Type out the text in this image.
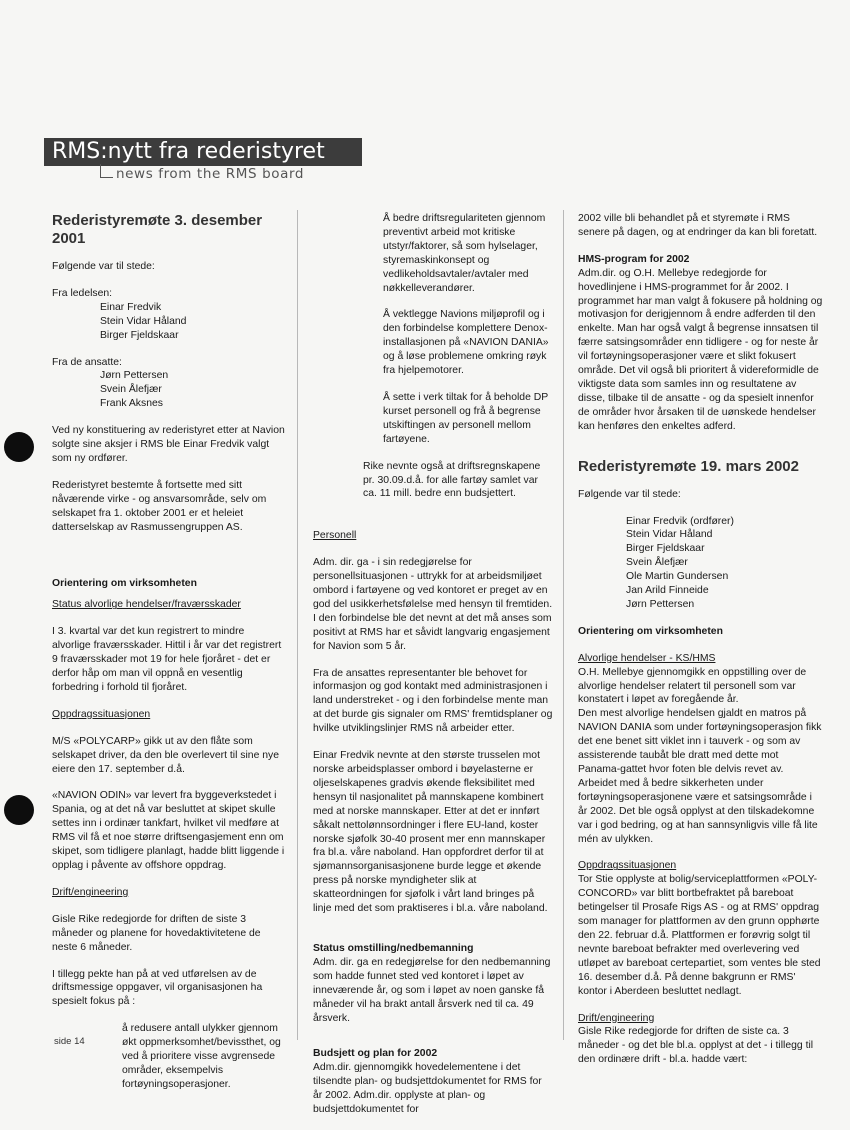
RMS:nytt fra rederistyret
news from the RMS board
Rederistyremøte 3. desember 2001

Følgende var til stede:

Fra ledelsen:

Einar Fredvik
Stein Vidar Håland
Birger Fjeldskaar

Fra de ansatte:

Jørn Pettersen
Svein Ålefjær
Frank Aksnes

Ved ny konstituering av rederistyret etter at Navion solgte sine aksjer i RMS ble Einar Fredvik valgt som ny ordfører.

Rederistyret bestemte å fortsette med sitt nåværende virke - og ansvarsområde, selv om selskapet fra 1. oktober 2001 er et heleiet datterselskap av Rasmussengruppen AS.

Orientering om virksomheten

Status alvorlige hendelser/fraværsskader

I 3. kvartal var det kun registrert to mindre alvorlige fraværsskader. Hittil i år var det registrert 9 fraværsskader mot 19 for hele fjoråret - det er derfor håp om man vil oppnå en vesentlig forbedring i forhold til fjoråret.

Oppdragssituasjonen

M/S «POLYCARP» gikk ut av den flåte som selskapet driver, da den ble overlevert til sine nye eiere den 17. september d.å.

«NAVION ODIN» var levert fra byggeverkstedet i Spania, og at det nå var besluttet at skipet skulle settes inn i ordinær tankfart, hvilket vil medføre at RMS vil få et noe større driftsengasjement enn om skipet, som tidligere planlagt, hadde blitt liggende i opplag i påvente av offshore oppdrag.

Drift/engineering

Gisle Rike redegjorde for driften de siste 3 måneder og planene for hovedaktivitetene de neste 6 måneder.

I tillegg pekte han på at ved utførelsen av de driftsmessige oppgaver, vil organisasjonen ha spesielt fokus på :

å redusere antall ulykker gjennom økt oppmerksomhet/bevissthet, og ved å prioritere visse avgrensede områder, eksempelvis fortøyningsoperasjoner.

Å bedre driftsregulariteten gjennom preventivt arbeid mot kritiske utstyr/faktorer, så som hylselager, styremaskinkonsept og vedlikeholdsavtaler/avtaler med nøkkelleverandører.

Å vektlegge Navions miljøprofil og i den forbindelse komplettere Denox-installasjonen på «NAVION DANIA» og å løse problemene omkring røyk fra hjelpemotorer.

Å sette i verk tiltak for å beholde DP kurset personell og frå å begrense utskiftingen av personell mellom fartøyene.

Rike nevnte også at driftsregnskapene pr. 30.09.d.å. for alle fartøy samlet var ca. 11 mill. bedre enn budsjettert.

Personell

Adm. dir. ga - i sin redegjørelse for personellsituasjonen - uttrykk for at arbeidsmiljøet ombord i fartøyene og ved kontoret er preget av en god del usikkerhetsfølelse med hensyn til fremtiden. I den forbindelse ble det nevnt at det må anses som positivt at RMS har et såvidt langvarig engasjement for Navion som 5 år.

Fra de ansattes representanter ble behovet for informasjon og god kontakt med administrasjonen i land understreket - og i den forbindelse mente man at det burde gis signaler om RMS' fremtidsplaner og hvilke utviklingslinjer RMS nå arbeider etter.

Einar Fredvik nevnte at den største trusselen mot norske arbeidsplasser ombord i bøyelasterne er oljeselskapenes gradvis økende fleksibilitet med hensyn til nasjonalitet på mannskapene kombinert med at norske mannskaper. Etter at det er innført såkalt nettolønnsordninger i flere EU-land, koster norske sjøfolk 30-40 prosent mer enn mannskaper fra bl.a. våre naboland. Han oppfordret derfor til at sjømannsorganisasjonene burde legge et økende press på norske myndigheter slik at skatteordningen for sjøfolk i vårt land bringes på linje med det som praktiseres i bl.a. våre naboland.

Status omstilling/nedbemanning

Adm. dir. ga en redegjørelse for den nedbemanning som hadde funnet sted ved kontoret i løpet av inneværende år, og som i løpet av noen ganske få måneder vil ha brakt antall årsverk ned til ca. 49 årsverk.

Budsjett og plan for 2002

Adm.dir. gjennomgikk hovedelementene i det tilsendte plan- og budsjettdokumentet for RMS for år 2002. Adm.dir. opplyste at plan- og budsjettdokumentet for

2002 ville bli behandlet på et styremøte i RMS senere på dagen, og at endringer da kan bli foretatt.

HMS-program for 2002

Adm.dir. og O.H. Mellebye redegjorde for hovedlinjene i HMS-programmet for år 2002. I programmet har man valgt å fokusere på holdning og motivasjon for derigjennom å endre adferden til den enkelte. Man har også valgt å begrense innsatsen til færre satsingsområder enn tidligere - og for neste år vil fortøyningsoperasjoner være et slikt fokusert område. Det vil også bli prioritert å videreformidle de viktigste data som samles inn og resultatene av disse, tilbake til de ansatte - og da spesielt innenfor de områder hvor årsaken til de uønskede hendelser kan henføres den enkeltes adferd.

Rederistyremøte 19. mars 2002

Følgende var til stede:

Einar Fredvik (ordfører)
Stein Vidar Håland
Birger Fjeldskaar
Svein Ålefjær
Ole Martin Gundersen
Jan Arild Finneide
Jørn Pettersen
Orientering om virksomheten

Alvorlige hendelser - KS/HMS

O.H. Mellebye gjennomgikk en oppstilling over de alvorlige hendelser relatert til personell som var konstatert i løpet av foregående år.

Den mest alvorlige hendelsen gjaldt en matros på NAVION DANIA som under fortøyningsoperasjon fikk det ene benet sitt viklet inn i tauverk - og som av assisterende taubåt ble dratt med dette mot Panama-gattet hvor foten ble delvis revet av. Arbeidet med å bedre sikkerheten under fortøyningsoperasjonene være et satsingsområde i år 2002. Det ble også opplyst at den tilskadekomne var i god bedring, og at han sannsynligvis ville få lite mén av ulykken.

Oppdragssituasjonen

Tor Stie opplyste at bolig/serviceplattformen «POLY-CONCORD» var blitt bortbefraktet på bareboat betingelser til Prosafe Rigs AS - og at RMS' oppdrag som manager for plattformen av den grunn opphørte den 22. februar d.å. Plattformen er forøvrig solgt til nevnte bareboat befrakter med overlevering ved utløpet av bareboat certepartiet, som ventes ble sted 16. desember d.å. På denne bakgrunn er RMS' kontor i Aberdeen besluttet nedlagt.

Drift/engineering

Gisle Rike redegjorde for driften de siste ca. 3 måneder - og det ble bl.a. opplyst at det - i tillegg til den ordinære drift - bl.a. hadde vært:

side 14
